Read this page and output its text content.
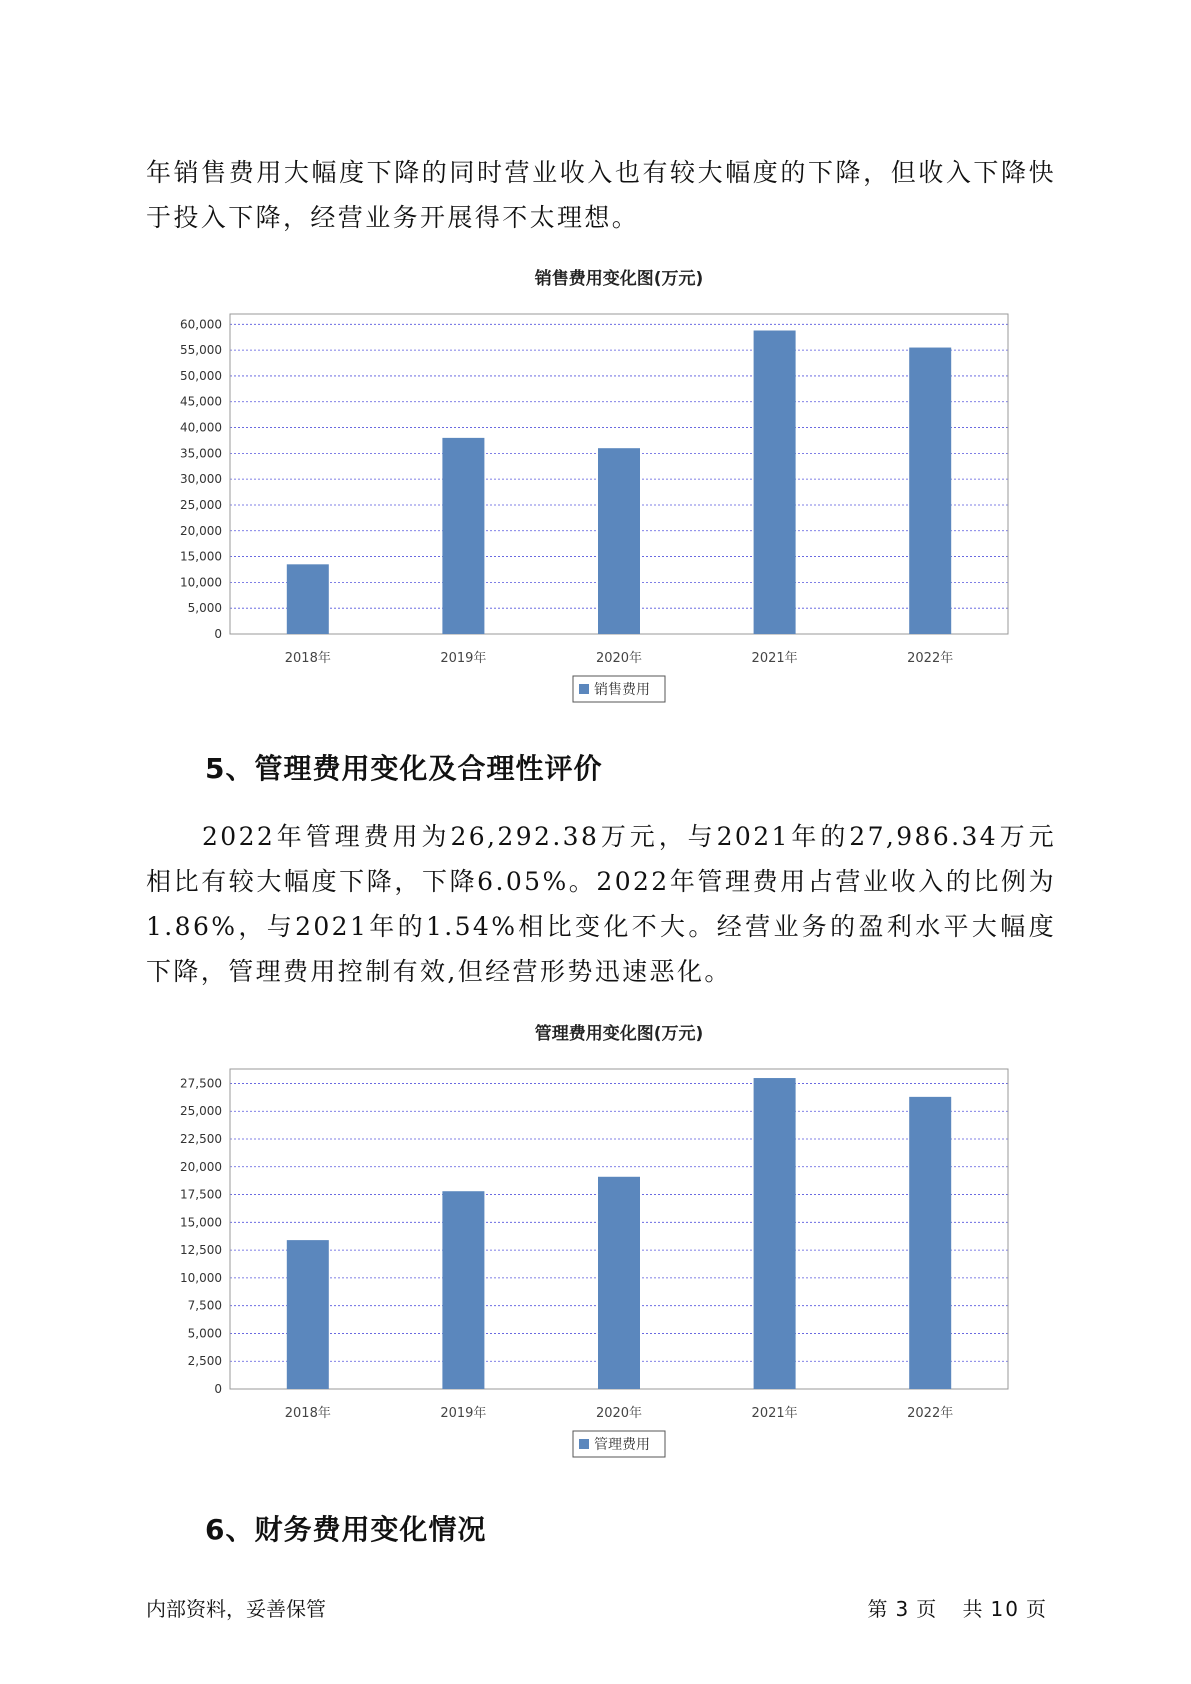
年销售费用大幅度下降的同时营业收入也有较大幅度的下降，但收入下降快于投入下降，经营业务开展得不太理想。

销售费用变化图(万元)
0
5,000
10,000
15,000
20,000
25,000
30,000
35,000
40,000
45,000
50,000
55,000
60,000
2018年	2019年	2020年	2021年	2022年
销售费用
5、管理费用变化及合理性评价

2022年管理费用为26,292.38万元，与2021年的27,986.34万元相比有较大幅度下降，下降6.05%。2022年管理费用占营业收入的比例为1.86%，与2021年的1.54%相比变化不大。经营业务的盈利水平大幅度下降，管理费用控制有效,但经营形势迅速恶化。

管理费用变化图(万元)
0
2,500
5,000
7,500
10,000
12,500
15,000
17,500
20,000
22,500
25,000
27,500
2018年	2019年	2020年	2021年	2022年
管理费用
6、财务费用变化情况
内部资料，妥善保管	第 3 页 共 10 页
